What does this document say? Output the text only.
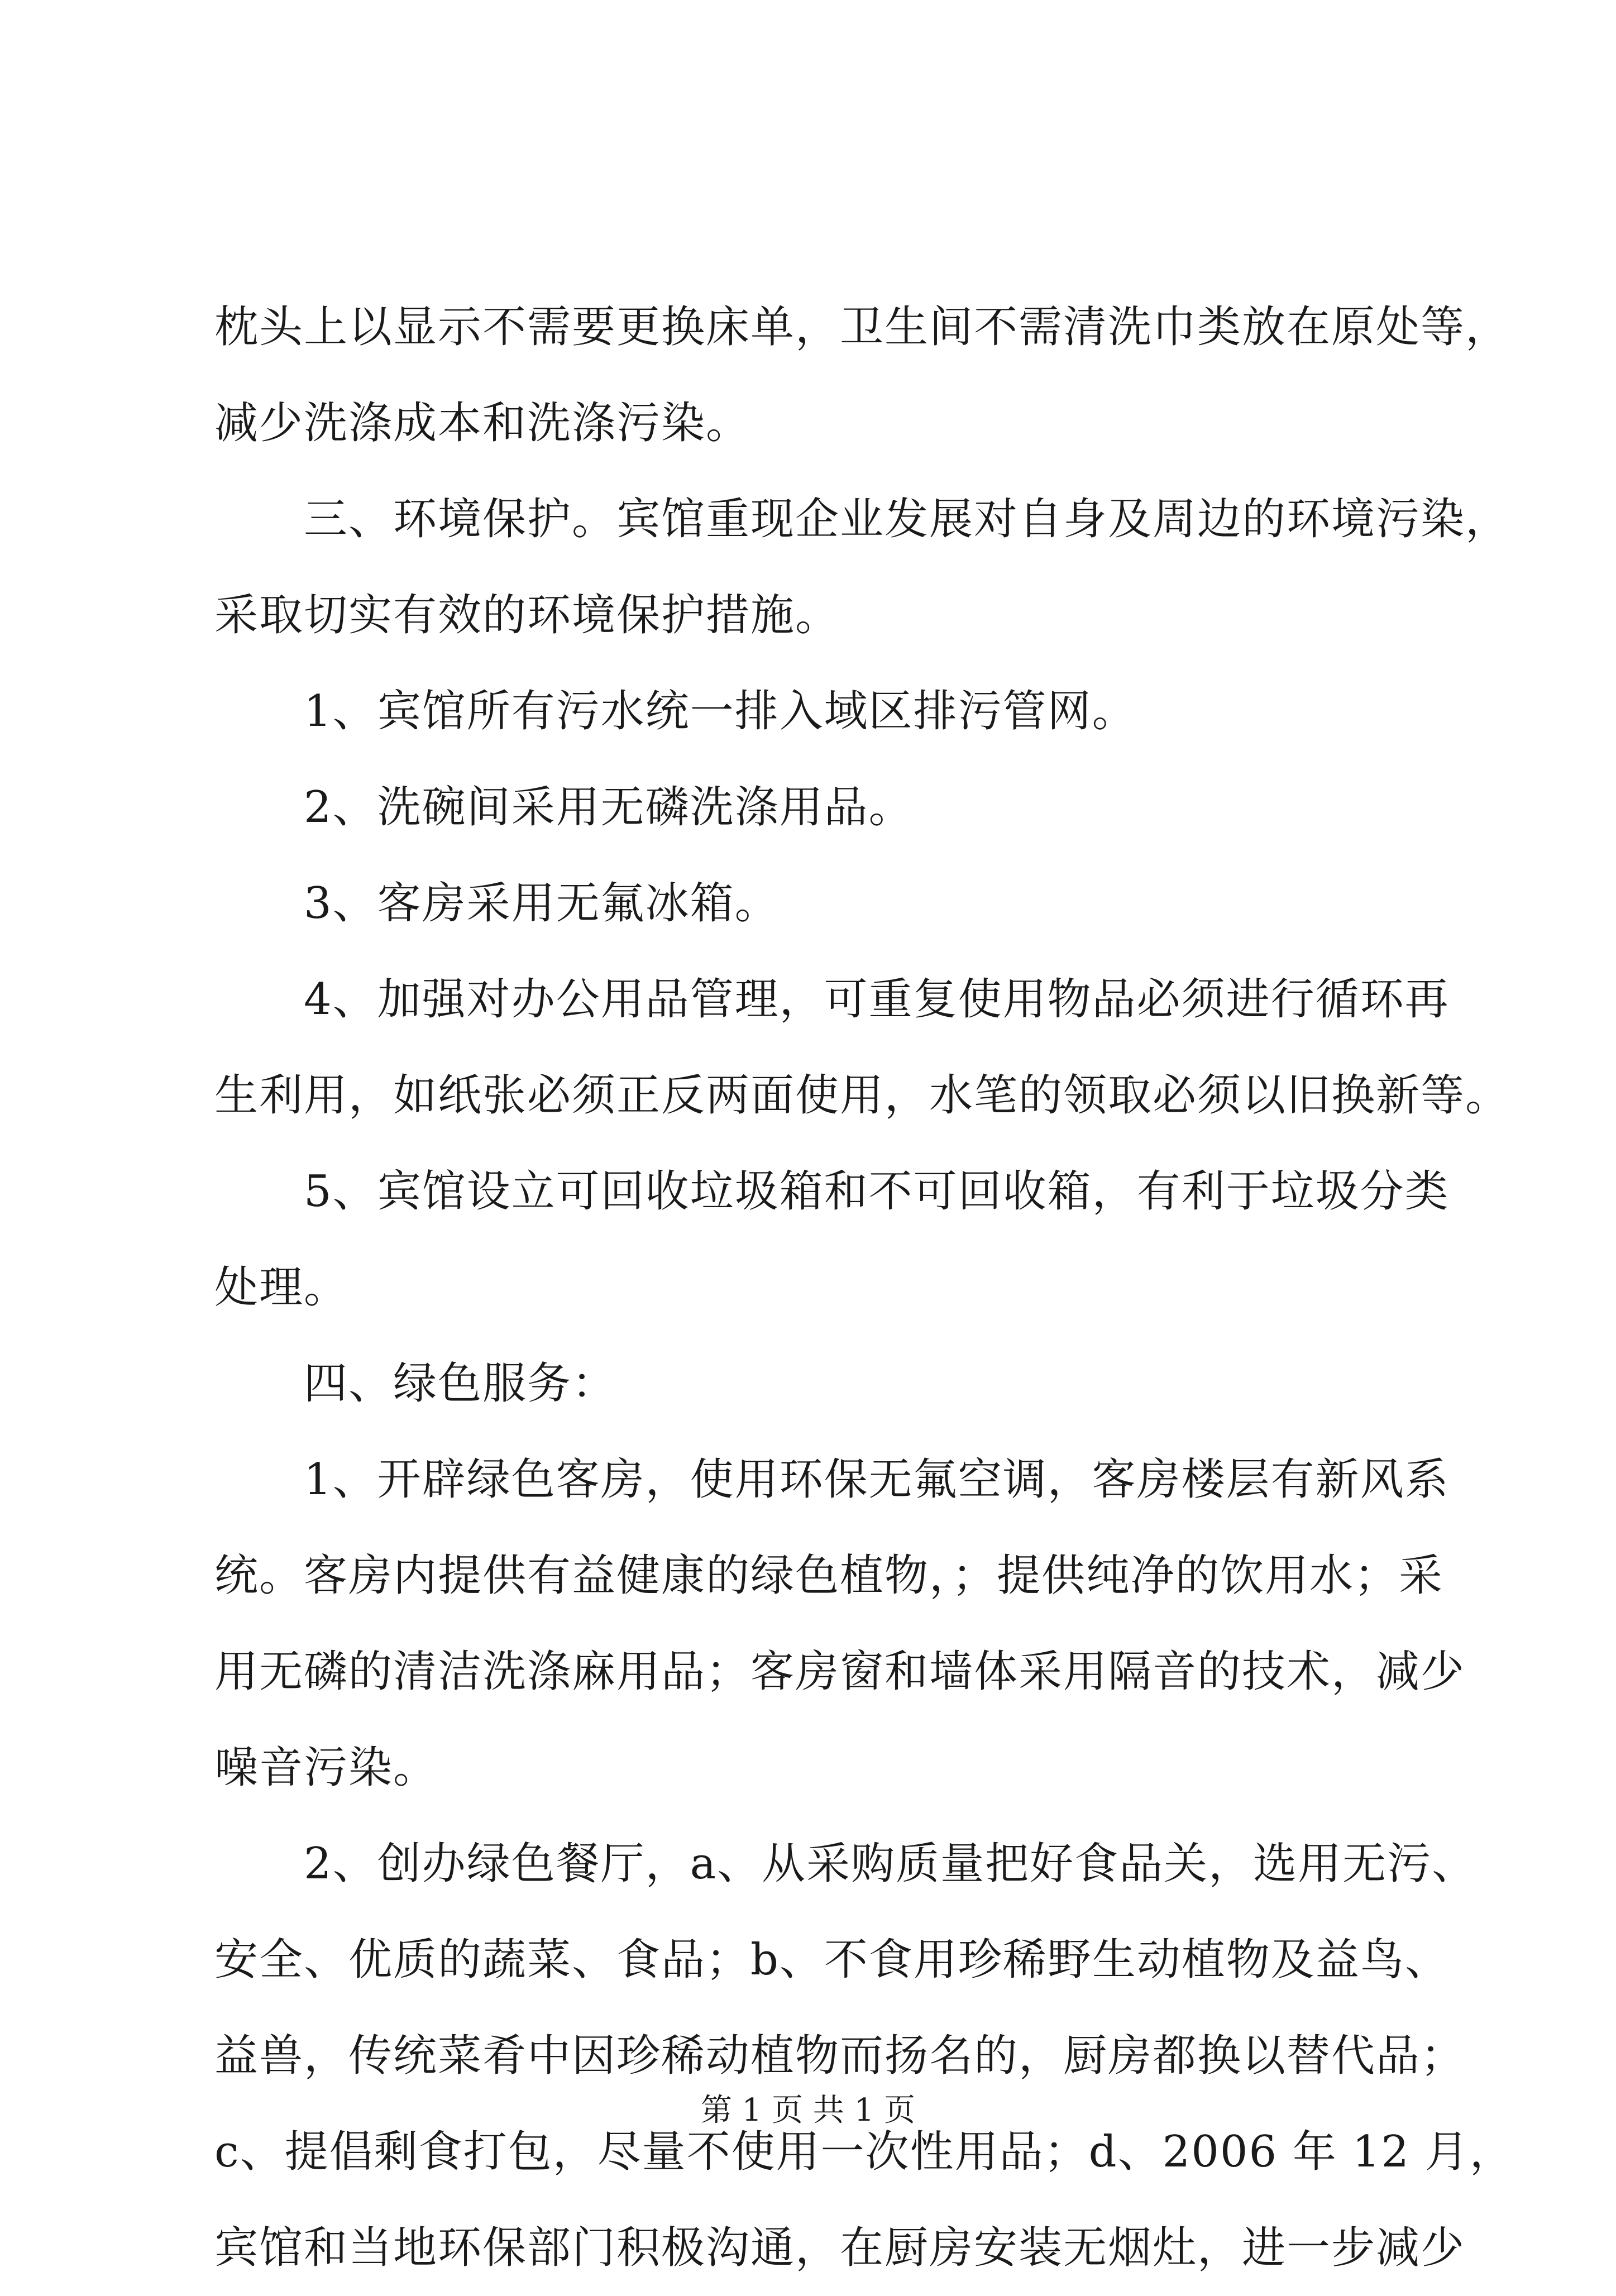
枕头上以显示不需要更换床单，卫生间不需清洗巾类放在原处等，
减少洗涤成本和洗涤污染。
三、环境保护。宾馆重现企业发展对自身及周边的环境污染，
采取切实有效的环境保护措施。
1、宾馆所有污水统一排入域区排污管网。
2、洗碗间采用无磷洗涤用品。
3、客房采用无氟冰箱。
4、加强对办公用品管理，可重复使用物品必须进行循环再
生利用，如纸张必须正反两面使用，水笔的领取必须以旧换新等。
5、宾馆设立可回收垃圾箱和不可回收箱，有利于垃圾分类
处理。
四、绿色服务：
1、开辟绿色客房，使用环保无氟空调，客房楼层有新风系
统。客房内提供有益健康的绿色植物，；提供纯净的饮用水；采
用无磷的清洁洗涤麻用品；客房窗和墙体采用隔音的技术，减少
噪音污染。
2、创办绿色餐厅，a、从采购质量把好食品关，选用无污、
安全、优质的蔬菜、食品；b、不食用珍稀野生动植物及益鸟、
益兽，传统菜肴中因珍稀动植物而扬名的，厨房都换以替代品；
c、提倡剩食打包，尽量不使用一次性用品；d、2006 年 12 月，
宾馆和当地环保部门积极沟通，在厨房安装无烟灶，进一步减少
第 1 页 共 1 页
